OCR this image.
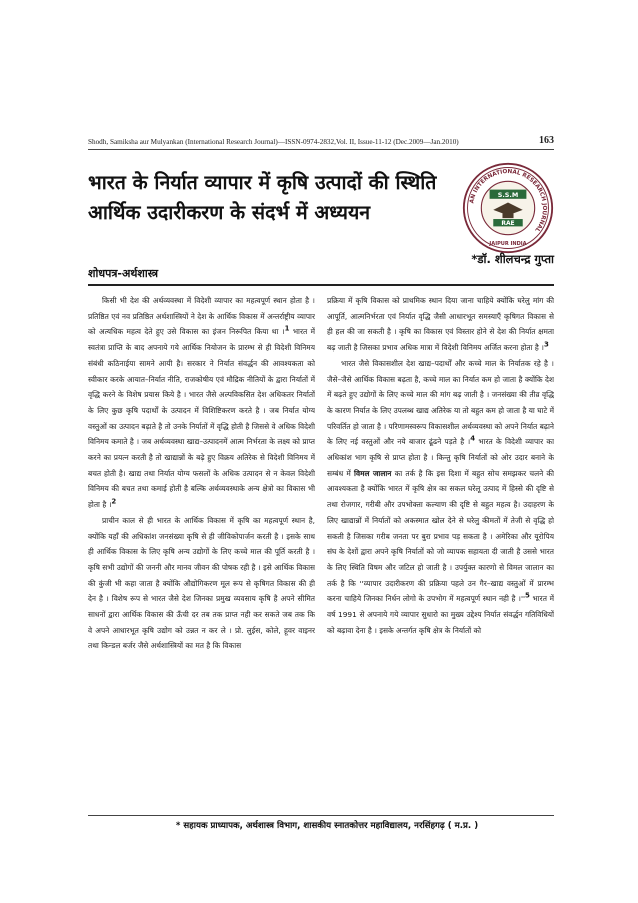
Shodh, Samiksha aur Mulyankan (International Research Journal)—ISSN-0974-2832,Vol. II, Issue-11-12 (Dec.2009—Jan.2010)	163
भारत के निर्यात व्यापार में कृषि उत्पादों की स्थिति
आर्थिक उदारीकरण के संदर्भ में अध्ययन	AN INTERNATIONAL RESEARCH JOURNAL
S.S.M
RAE
JAIPUR INDIA
*डॉ. शीलचन्द्र गुप्ता
शोधपत्र-अर्थशास्त्र

किसी भी देश की अर्थव्यवस्था में विदेशी व्यापार का महत्वपूर्ण स्थान होता है । प्रतिष्ठित एवं नव प्रतिष्ठित अर्थशास्त्रियों ने देश के आर्थिक विकास में अन्तर्राष्ट्रीय व्यापार को अत्यधिक महत्व देते हुए उसे विकास का इंजन निरूपित किया था ।$^1$ भारत में स्वतंत्रा प्राप्ति के बाद अपनाये गये आर्थिक नियोजन के प्रारम्भ से ही विदेशी विनिमय संबंधी कठिनाईया सामने आयी है। सरकार ने निर्यात संवर्द्धन की आवश्यकता को स्वीकार करके आयात–निर्यात नीति, राजकोषीय एवं मौद्रिक नीतियों के द्वारा निर्यातों में वृद्धि करने के विशेष प्रयास किये है । भारत जैसे अल्पविकसित देश अधिकतर निर्यातों के लिए कुछ कृषि पदार्थों के उत्पादन में विशिष्टिकरण करते है । जब निर्यात योग्य वस्तुओं का उत्पादन बढ़ाते है तो उनके निर्यातों में वृद्धि होती है जिससे वे अधिक विदेशी विनिमय कमाते है । जब अर्थव्यवस्था खाद्य–उत्पादनमें आत्म निर्भरता के लक्ष्य को प्राप्त करने का प्रयत्न करती है तो खाद्यान्नों के बढ़े हुए विक्रय अतिरेक से विदेशी विनिमय में बचत होती है। खाद्य तथा निर्यात योग्य फसलों के अधिक उत्पादन से न केवल विदेशी विनिमय की बचत तथा कमाई होती है बल्कि अर्थव्यवस्थाके अन्य क्षेत्रो का विकास भी होता है ।$^2$

प्राचीन काल से ही भारत के आर्थिक विकास में कृषि का महत्वपूर्ण स्थान है, क्योंकि यहाँ की अधिकांश जनसंख्या कृषि से ही जीविकोपार्जन करती है । इसके साथ ही आर्थिक विकास के लिए कृषि अन्य उद्योगों के लिए कच्चे माल की पूर्ति करती है । कृषि सभी उद्योगों की जननी और मानव जीवन की पोषक रही है । इसे आर्थिक विकास की कुंजी भी कहा जाता है क्योंकि औद्योगिकरण मूल रूप से कृषिगत विकास की ही देन है । विशेष रूप से भारत जैसे देश जिनका प्रमुख व्यवसाय कृषि है अपने सीमित साधनों द्वारा आर्थिक विकास की ऊँची दर तब तक प्राप्त नही कर सकते जब तक कि वे अपने आधारभूत कृषि उद्योग को उन्नत न कर ले । प्रो. लुईस, कोले, हूवर वाइनर तथा किन्डल बर्जर जैसे अर्थशास्त्रियों का मत है कि विकास

प्रक्रिया में कृषि विकास को प्राथमिक स्थान दिया जाना चाहिये क्योंकि घरेलु मांग की आपूर्ति, आत्मनिर्भरता एवं निर्यात वृद्धि जैसी आधारभूत समस्याएँ कृषिगत विकास से ही हल की जा सकती है । कृषि का विकास एवं विस्तार होने से देश की निर्यात क्षमता बढ़ जाती है जिसका प्रभाव अधिक मात्रा में विदेशी विनिमय अर्जित करना होता है ।$^3$

भारत जैसे विकासशील देश खाद्य–पदार्थों और कच्चे माल के निर्यातक रहे है । जैसे–जैसे आर्थिक विकास बढ़ता है, कच्चे माल का निर्यात कम हो जाता है क्योंकि देश में बढ़ते हुए उद्योगों के लिए कच्चे माल की मांग बढ़ जाती है । जनसंख्या की तीव्र वृद्धि के कारण निर्यात के लिए उपलब्ध खाद्य अतिरेक या तो बहुत कम हो जाता है या घाटे में परिवर्तित हो जाता है । परिणामस्वरूप विकासशील अर्थव्यवस्था को अपने निर्यात बढ़ाने के लिए नई वस्तुओं और नये बाजार ढूंढने पड़ते है ।$^4$ भारत के विदेशी व्यापार का अधिकांश भाग कृषि से प्राप्त होता है । किन्तु कृषि निर्यातों को ओर उदार बनाने के सम्बंध में विमल जालान का तर्क है कि इस दिशा में बहुत सोच समझकर चलने की आवश्यकता है क्योंकि भारत में कृषि क्षेत्र का सकल घरेलू उत्पाद में हिस्से की दृष्टि से तथा रोजगार, गरीबी और उपभोक्ता कल्याण की दृष्टि से बहुत महत्व है। उदाहरण के लिए खाद्यान्नों में निर्यातों को अकस्मात खोल देने से घरेलु कीमतों में तेजी से वृद्धि हो सकती है जिसका गरीब जनता पर बुरा प्रभाव पड़ सकता है । अमेरिका और यूरोपिय संघ के देशों द्वारा अपने कृषि निर्यातों को जो व्यापक सहायता दी जाती है उससे भारत के लिए स्थिति विषम और जटिल हो जाती है । उपर्युक्त कारणो से विमल जालान का तर्क है कि ''व्यापार उदारीकरण की प्रक्रिया पहले उन गैर–खाद्य वस्तुओं में प्रारम्भ करना चाहिये जिनका निर्धन लोगो के उपभोग में महत्वपूर्ण स्थान नही है $।''^5$ भारत में वर्ष 1991 से अपनाये गये व्यापार सुधारो का मुख्य उद्देश्य निर्यात संवर्द्धन गतिविधियों को बढ़ावा देना है । इसके अन्तर्गत कृषि क्षेत्र के निर्यातों को

* सहायक प्राध्यापक, अर्थशास्त्र विभाग, शासकीय स्नातकोत्तर महाविद्यालय, नरसिंहगढ़ ( म.प्र. )
